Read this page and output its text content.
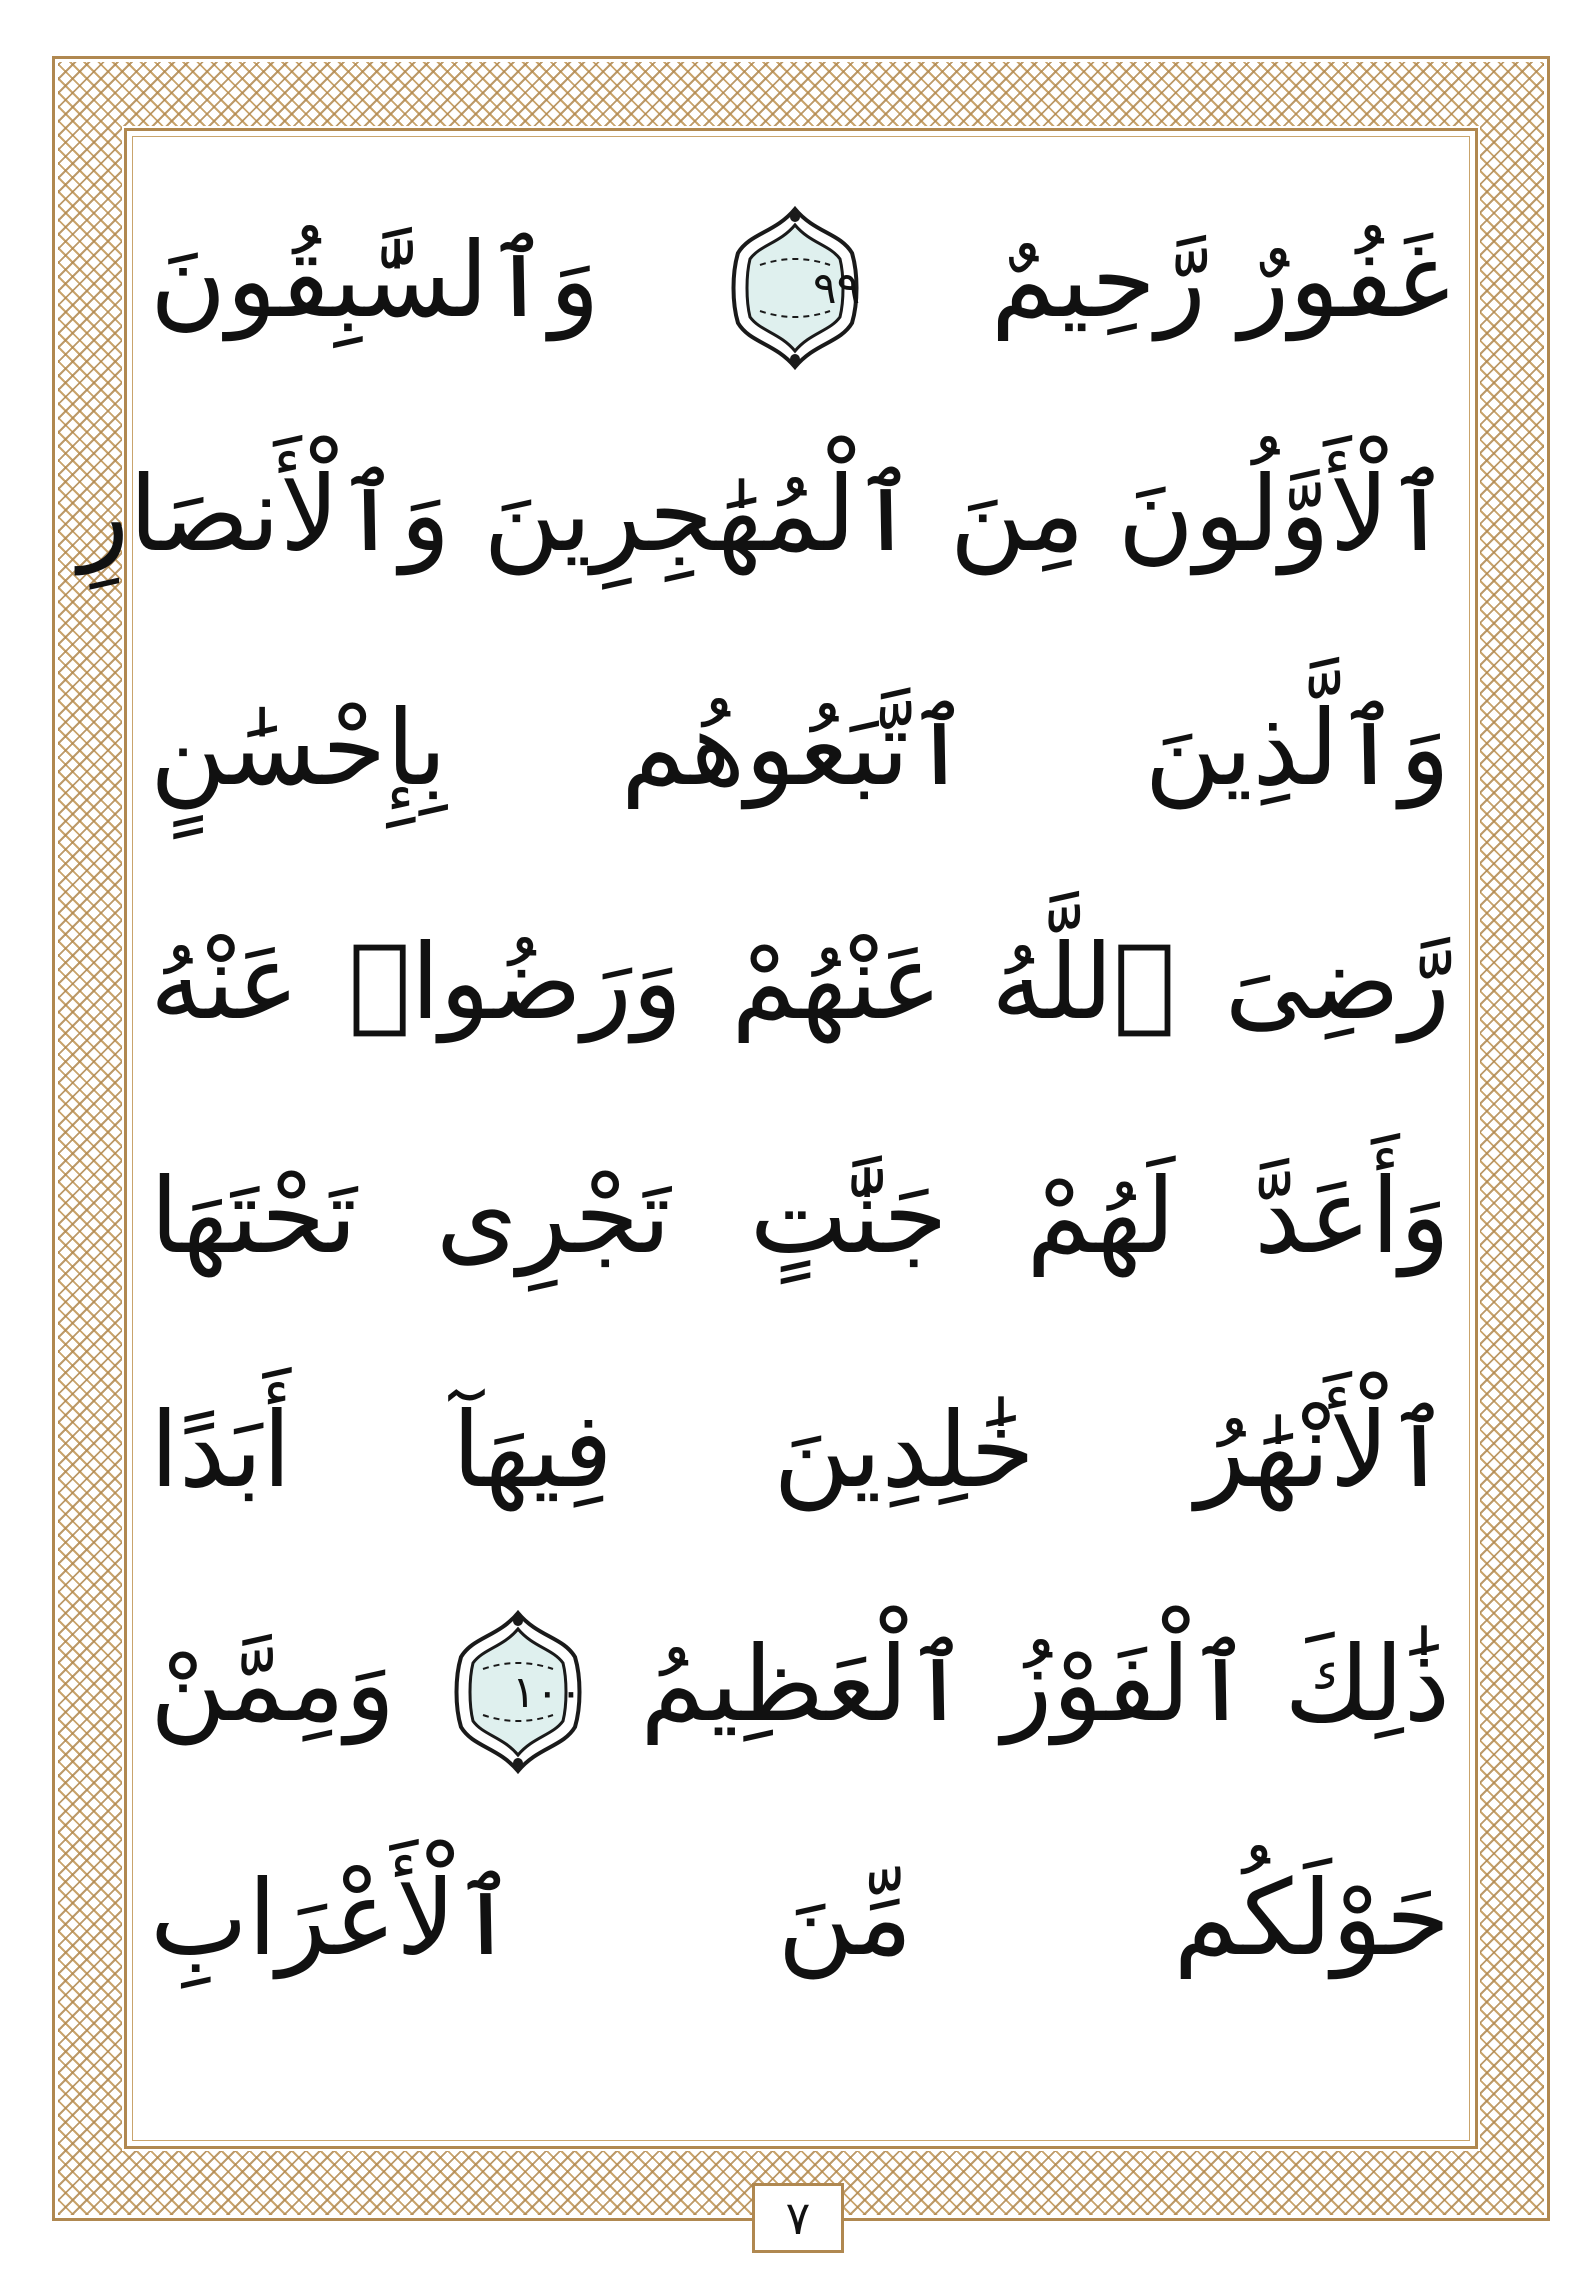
غَفُورٌ رَّحِيمٌ
٩٩
وَٱلسَّٰبِقُونَ
ٱلْأَوَّلُونَ مِنَ ٱلْمُهَٰجِرِينَ وَٱلْأَنصَارِ
وَٱلَّذِينَ ٱتَّبَعُوهُم بِإِحْسَٰنٍ
رَّضِىَ ٱللَّهُ عَنْهُمْ وَرَضُوا۟ عَنْهُ
وَأَعَدَّ لَهُمْ جَنَّٰتٍ تَجْرِى تَحْتَهَا
ٱلْأَنْهَٰرُ خَٰلِدِينَ فِيهَآ أَبَدًا
ذَٰلِكَ ٱلْفَوْزُ ٱلْعَظِيمُ
١٠٠
وَمِمَّنْ
حَوْلَكُم مِّنَ ٱلْأَعْرَابِ
٧
